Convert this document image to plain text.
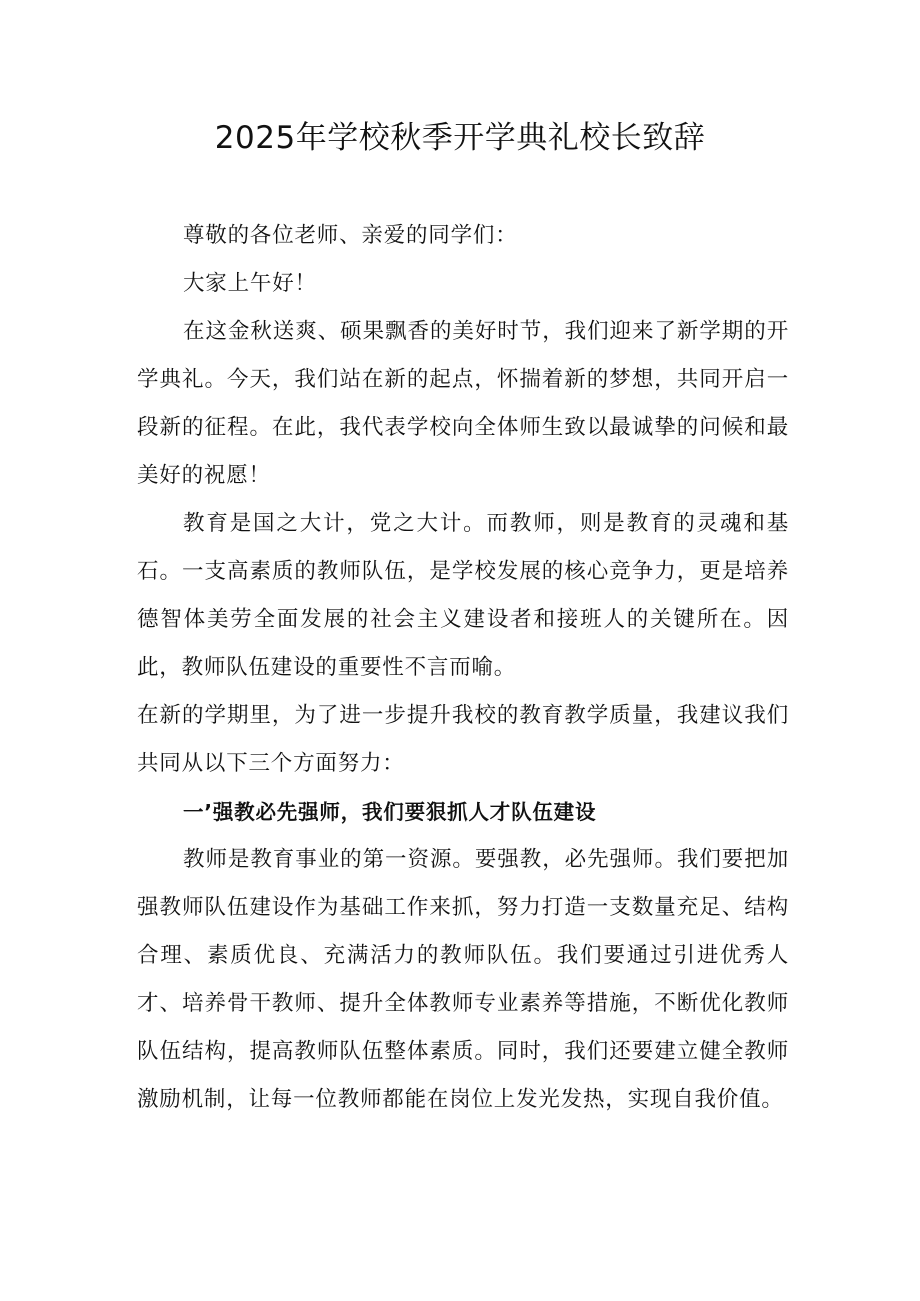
2025年学校秋季开学典礼校长致辞

尊敬的各位老师、亲爱的同学们：

大家上午好！

在这金秋送爽、硕果飘香的美好时节，我们迎来了新学期的开学典礼。今天，我们站在新的起点，怀揣着新的梦想，共同开启一段新的征程。在此，我代表学校向全体师生致以最诚挚的问候和最美好的祝愿！

教育是国之大计，党之大计。而教师，则是教育的灵魂和基石。一支高素质的教师队伍，是学校发展的核心竞争力，更是培养德智体美劳全面发展的社会主义建设者和接班人的关键所在。因此，教师队伍建设的重要性不言而喻。

在新的学期里，为了进一步提升我校的教育教学质量，我建议我们共同从以下三个方面努力：

一’强教必先强师，我们要狠抓人才队伍建设

教师是教育事业的第一资源。要强教，必先强师。我们要把加强教师队伍建设作为基础工作来抓，努力打造一支数量充足、结构合理、素质优良、充满活力的教师队伍。我们要通过引进优秀人才、培养骨干教师、提升全体教师专业素养等措施，不断优化教师队伍结构，提高教师队伍整体素质。同时，我们还要建立健全教师激励机制，让每一位教师都能在岗位上发光发热，实现自我价值。
